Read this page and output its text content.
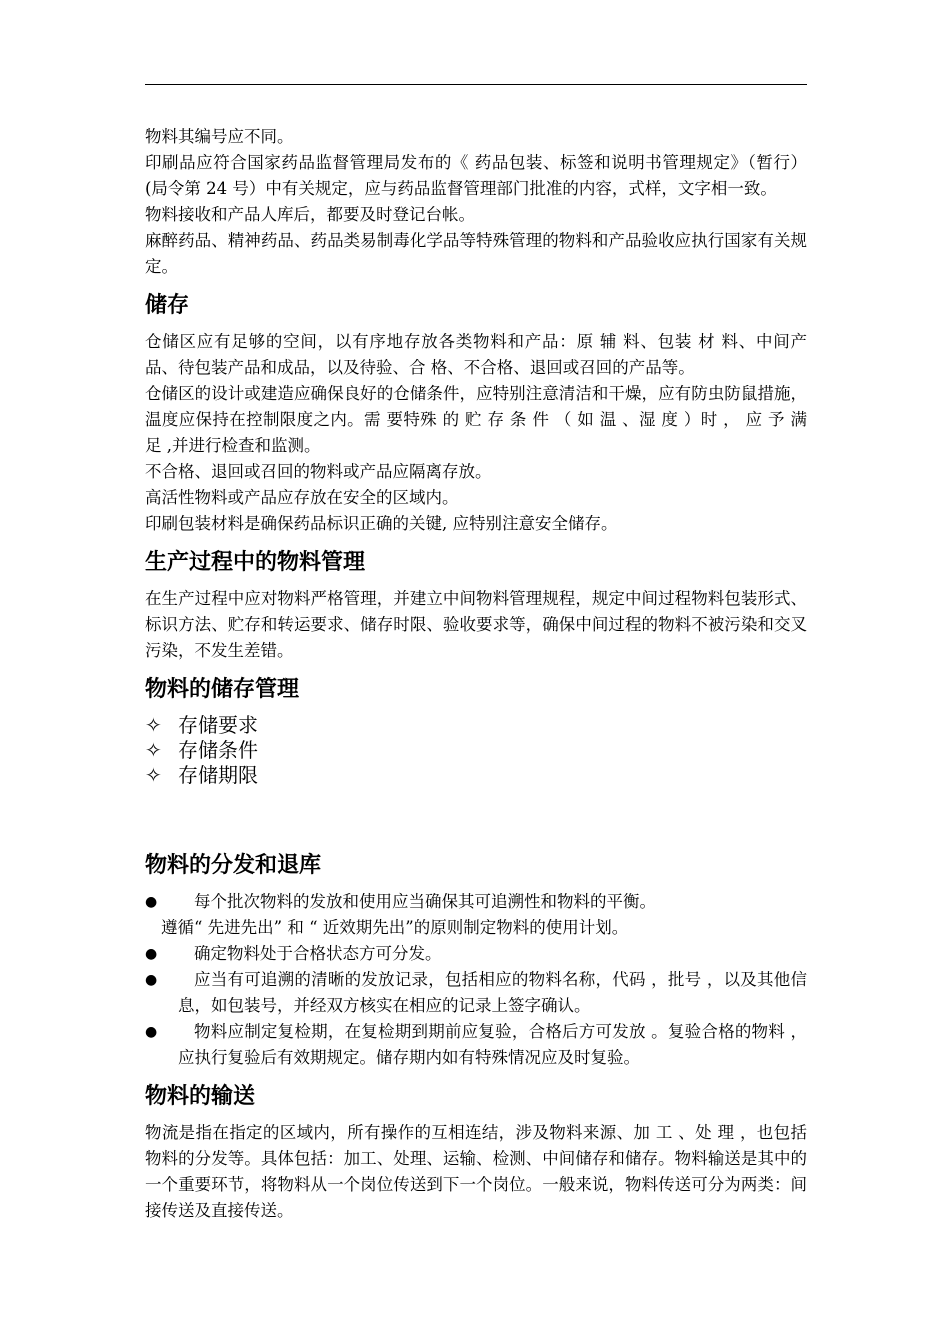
物料其编号应不同。

印刷品应符合国家药品监督管理局发布的《 药品包装、标签和说明书管理规定》（暂行）(局令第 24 号）中有关规定，应与药品监督管理部门批准的内容，式样，文字相一致。

物料接收和产品人库后，都要及时登记台帐。

麻醉药品、精神药品、药品类易制毒化学品等特殊管理的物料和产品验收应执行国家有关规定。

储存

仓储区应有足够的空间，以有序地存放各类物料和产品：原 辅 料、包装 材 料、中间产品、待包装产品和成品，以及待验、合 格、不合格、退回或召回的产品等。

仓储区的设计或建造应确保良好的仓储条件，应特别注意清洁和干燥，应有防虫防鼠措施，温度应保持在控制限度之内。需 要特殊 的 贮 存 条 件 （ 如 温 、湿 度 ）时 ， 应 予 满 足 ,并进行检查和监测。

不合格、退回或召回的物料或产品应隔离存放。

高活性物料或产品应存放在安全的区域内。

印刷包装材料是确保药品标识正确的关键, 应特别注意安全储存。

生产过程中的物料管理

在生产过程中应对物料严格管理，并建立中间物料管理规程，规定中间过程物料包装形式、标识方法、贮存和转运要求、储存时限、验收要求等，确保中间过程的物料不被污染和交叉污染，不发生差错。

物料的储存管理
✧ 存储要求
✧ 存储条件
✧ 存储期限
物料的分发和退库
●	每个批次物料的发放和使用应当确保其可追溯性和物料的平衡。

遵循“ 先进先出” 和 “ 近效期先出”的原则制定物料的使用计划。

●	确定物料处于合格状态方可分发。
●	应当有可追溯的清晰的发放记录，包括相应的物料名称，代码 ，批号 ，以及其他信息，如包装号，并经双方核实在相应的记录上签字确认。
●	物料应制定复检期，在复检期到期前应复验，合格后方可发放 。复验合格的物料 ，应执行复验后有效期规定。储存期内如有特殊情况应及时复验。
物料的输送

物流是指在指定的区域内，所有操作的互相连结，涉及物料来源、加 工 、处 理 ，也包括物料的分发等。具体包括：加工、处理、运输、检测、中间储存和储存。物料输送是其中的一个重要环节，将物料从一个岗位传送到下一个岗位。一般来说，物料传送可分为两类：间接传送及直接传送。
